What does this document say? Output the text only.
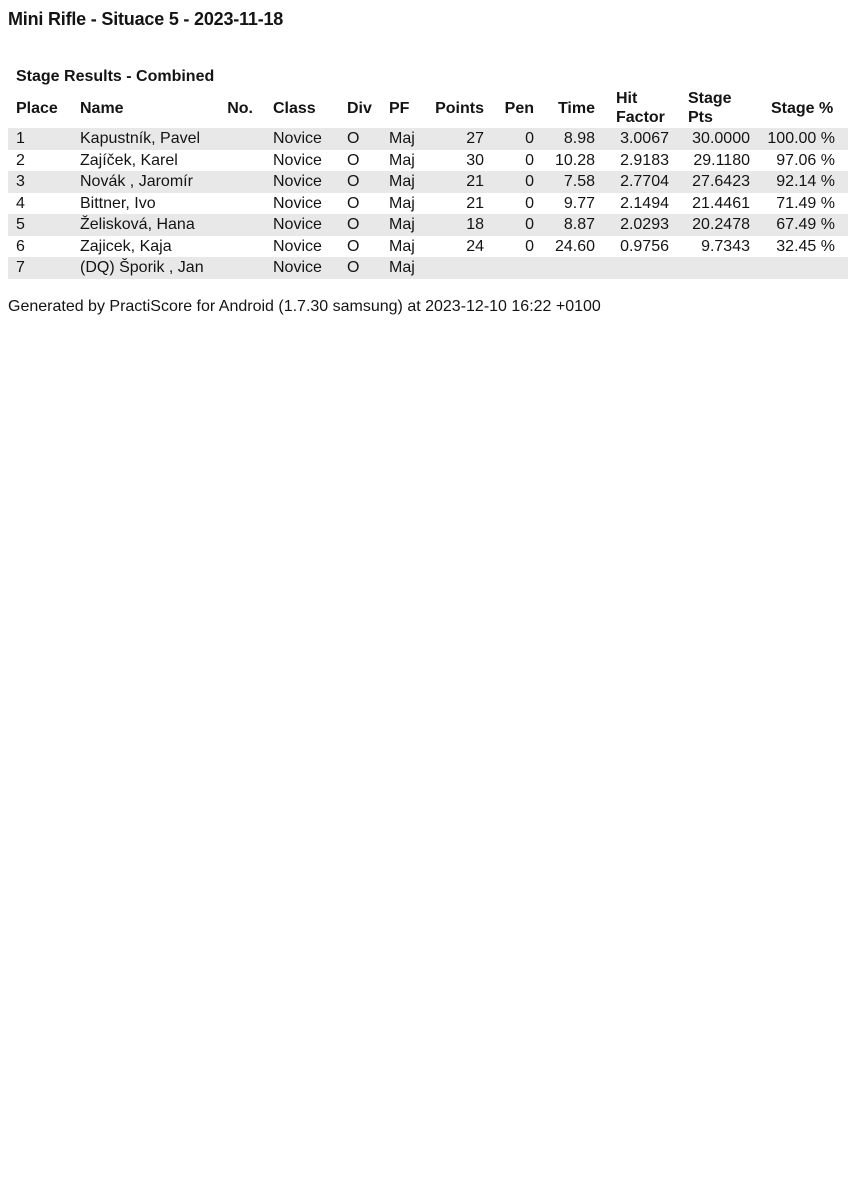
Mini Rifle - Situace 5 - 2023-11-18
Stage Results - Combined
Place	Name	No.	Class	Div	PF	Points	Pen	Time	Hit Factor	Stage Pts	Stage %
1	Kapustník, Pavel		Novice	O	Maj	27	0	8.98	3.0067	30.0000	100.00 %
2	Zajíček, Karel		Novice	O	Maj	30	0	10.28	2.9183	29.1180	97.06 %
3	Novák , Jaromír		Novice	O	Maj	21	0	7.58	2.7704	27.6423	92.14 %
4	Bittner, Ivo		Novice	O	Maj	21	0	9.77	2.1494	21.4461	71.49 %
5	Želisková, Hana		Novice	O	Maj	18	0	8.87	2.0293	20.2478	67.49 %
6	Zajicek, Kaja		Novice	O	Maj	24	0	24.60	0.9756	9.7343	32.45 %
7	(DQ) Šporik , Jan		Novice	O	Maj						
Generated by PractiScore for Android (1.7.30 samsung) at 2023-12-10 16:22 +0100
